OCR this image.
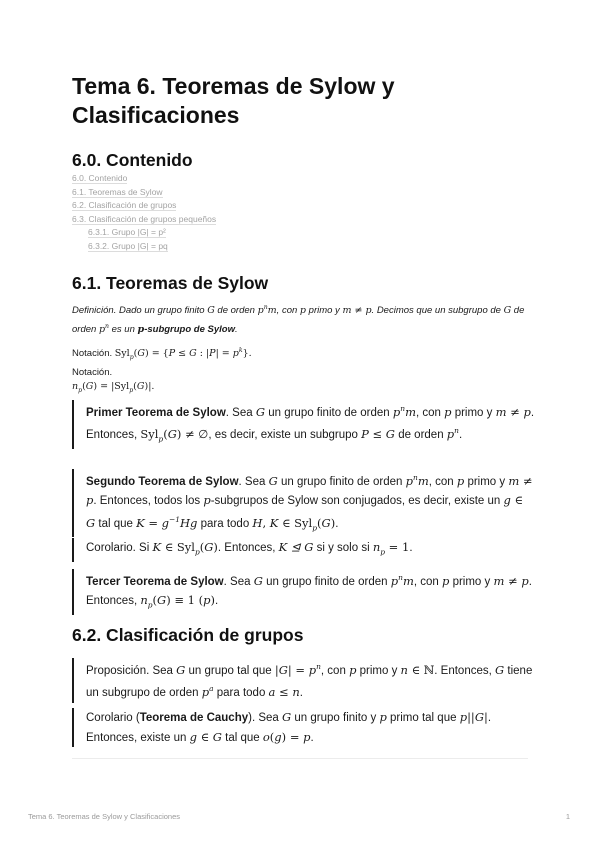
Tema 6. Teoremas de Sylow y Clasificaciones
6.0. Contenido
6.0. Contenido
6.1. Teoremas de Sylow
6.2. Clasificación de grupos
6.3. Clasificación de grupos pequeños
6.3.1. Grupo |G| = p²
6.3.2. Grupo |G| = pq
6.1. Teoremas de Sylow
Definición. Dado un grupo finito G de orden $p^nm$, con p primo y m ≠ p. Decimos que un subgrupo de G de orden $p^n$ es un p-subgrupo de Sylow.
Notación. Syl$_p$(G) = {P ≤ G : $|P| = p^k$}.
Notación.
$n_p(G) = |Syl_p(G)|$.
Primer Teorema de Sylow. Sea G un grupo finito de orden $p^nm$, con p primo y m ≠ p. Entonces, Syl$_p$(G) ≠ ∅, es decir, existe un subgrupo P ≤ G de orden $p^n$.
Segundo Teorema de Sylow. Sea G un grupo finito de orden $p^nm$, con p primo y m ≠ p. Entonces, todos los p-subgrupos de Sylow son conjugados, es decir, existe un g ∈ G tal que $K = g^{-1}Hg$ para todo H, K ∈ Syl$_p$(G).
Corolario. Si K ∈ Syl$_p$(G). Entonces, K ⊴ G si y solo si $n_p = 1$.
Tercer Teorema de Sylow. Sea G un grupo finito de orden $p^nm$, con p primo y m ≠ p. Entonces, $n_p(G) \equiv 1$ (p).
6.2. Clasificación de grupos
Proposición. Sea G un grupo tal que $|G| = p^n$, con p primo y n ∈ ℕ. Entonces, G tiene un subgrupo de orden $p^a$ para todo a ≤ n.
Corolario (Teorema de Cauchy). Sea G un grupo finito y p primo tal que p||G|. Entonces, existe un g ∈ G tal que o(g) = p.
Tema 6. Teoremas de Sylow y Clasificaciones	1
